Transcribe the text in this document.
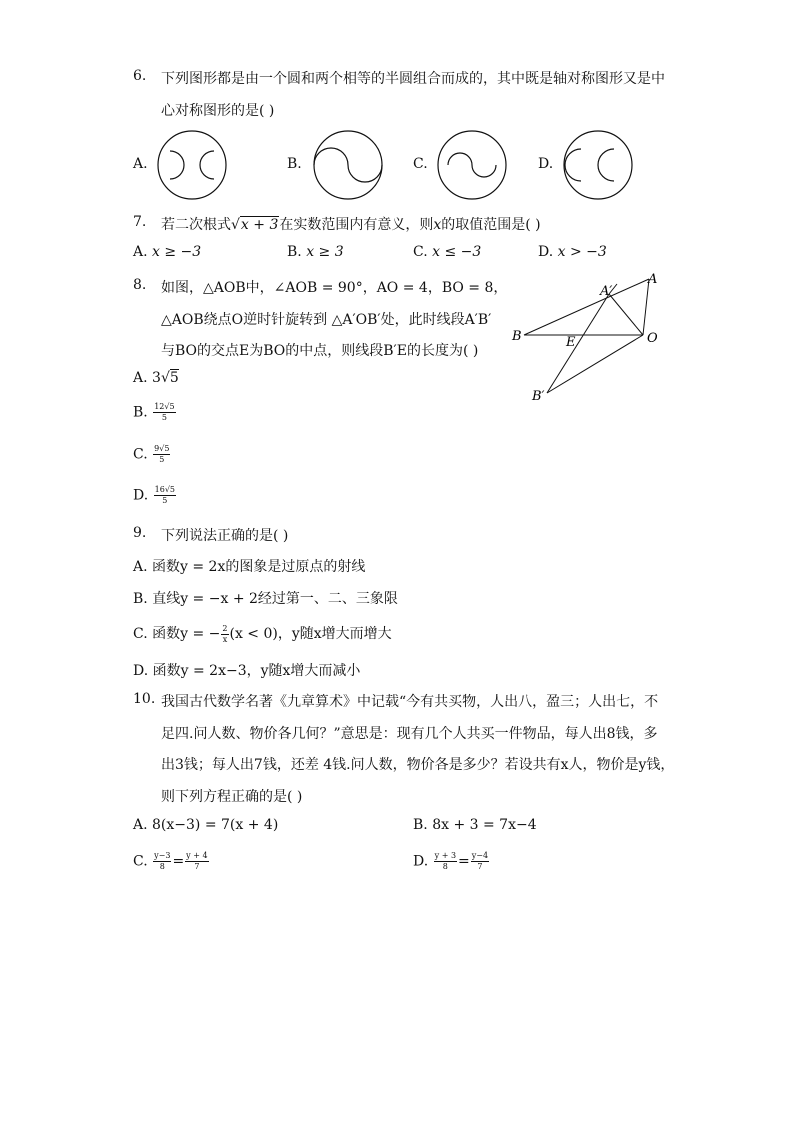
6. 下列图形都是由一个圆和两个相等的半圆组合而成的，其中既是轴对称图形又是中
心对称图形的是( )
A.	B.	C.	D.
7. 若二次根式√x + 3在实数范围内有意义，则x的取值范围是( )
A. x ≥ −3	B. x ≥ 3	C. x ≤ −3	D. x > −3
8. 如图，△AOB中，∠AOB = 90°，AO = 4，BO = 8，
△AOB绕点O逆时针旋转到 △A′OB′处，此时线段A′B′
与BO的交点E为BO的中点，则线段B′E的长度为( )
A
A′
B	E	O
B′
A. 3√5
B. $\frac{12√5}{5}$
C. $\frac{9√5}{5}$
D. $\frac{16√5}{5}$
9. 下列说法正确的是( )
A. 函数y = 2x的图象是过原点的射线
B. 直线y = −x + 2经过第一、二、三象限
C. 函数y = − $\frac{2}{x} (x < 0)$，y随x增大而增大
D. 函数y = 2x−3，y随x增大而减小
10. 我国古代数学名著《九章算术》中记载“今有共买物，人出八，盈三；人出七，不
足四.问人数、物价各几何？”意思是：现有几个人共买一件物品，每人出8钱，多
出3钱；每人出7钱，还差 4钱.问人数，物价各是多少？若设共有x人，物价是y钱，
则下列方程正确的是( )
A. 8(x−3) = 7(x + 4)	B. 8x + 3 = 7x−4
C. $\frac{y-3}{8} = \frac{y + 4}{7}$	D. $\frac{y + 3}{8} = \frac{y-4}{7}$
